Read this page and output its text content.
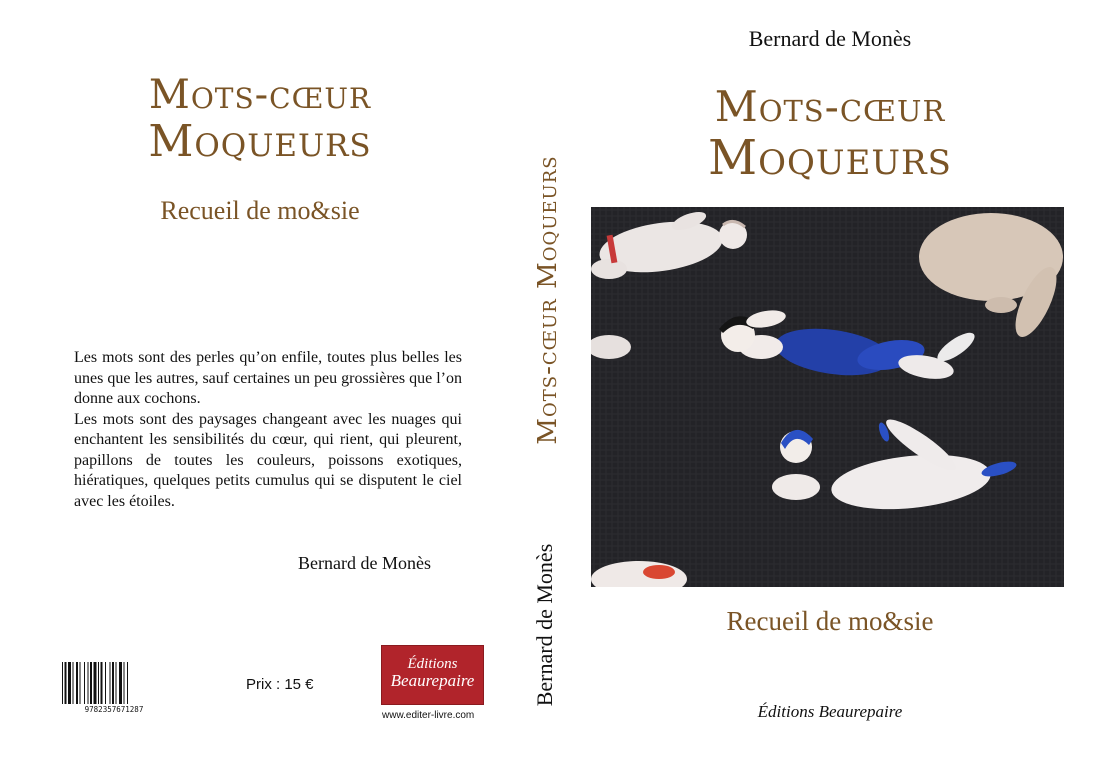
Mots-cœur
Moqueurs
Recueil de mo&sie

Les mots sont des perles qu’on enfile, toutes plus belles les unes que les autres, sauf certaines un peu grossières que l’on donne aux cochons.

Les mots sont des paysages changeant avec les nuages qui enchantent les sensibilités du cœur, qui rient, qui pleurent, papillons de toutes les couleurs, poissons exotiques, hiératiques, quelques petits cumulus qui se disputent le ciel avec les étoiles.

Bernard de Monès
9782357671287
Prix : 15 €
Éditions
Beaurepaire
www.editer-livre.com
Mots-cœur Moqueurs
Bernard de Monès
Bernard de Monès
Mots-cœur
Moqueurs
Recueil de mo&sie
Éditions Beaurepaire
